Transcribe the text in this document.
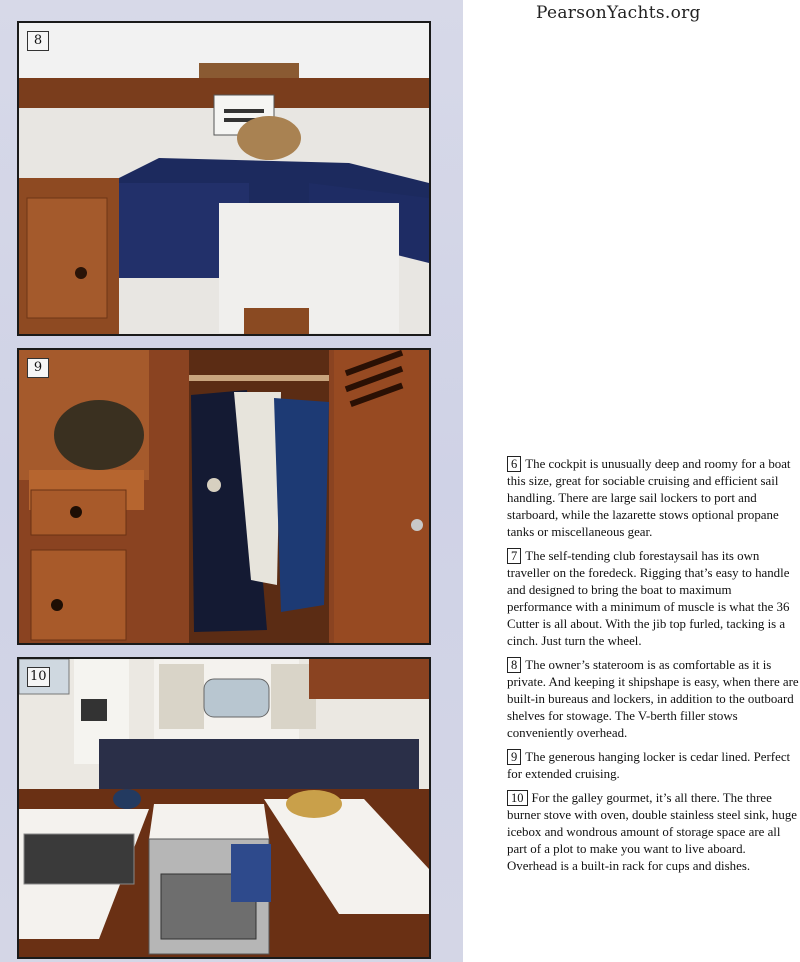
8
9
10
PearsonYachts.org

6 The cockpit is unusually deep and roomy for a boat this size, great for sociable cruising and efficient sail handling. There are large sail lockers to port and starboard, while the lazarette stows optional propane tanks or miscellaneous gear.

7 The self-tending club forestaysail has its own traveller on the foredeck. Rigging that’s easy to handle and designed to bring the boat to maximum performance with a minimum of muscle is what the 36 Cutter is all about. With the jib top furled, tacking is a cinch. Just turn the wheel.

8 The owner’s stateroom is as comfortable as it is private. And keeping it shipshape is easy, when there are built-in bureaus and lockers, in addition to the outboard shelves for stowage. The V-berth filler stows conveniently overhead.

9 The generous hanging locker is cedar lined. Perfect for extended cruising.

10 For the galley gourmet, it’s all there. The three burner stove with oven, double stainless steel sink, huge icebox and wondrous amount of storage space are all part of a plot to make you want to live aboard. Overhead is a built-in rack for cups and dishes.
